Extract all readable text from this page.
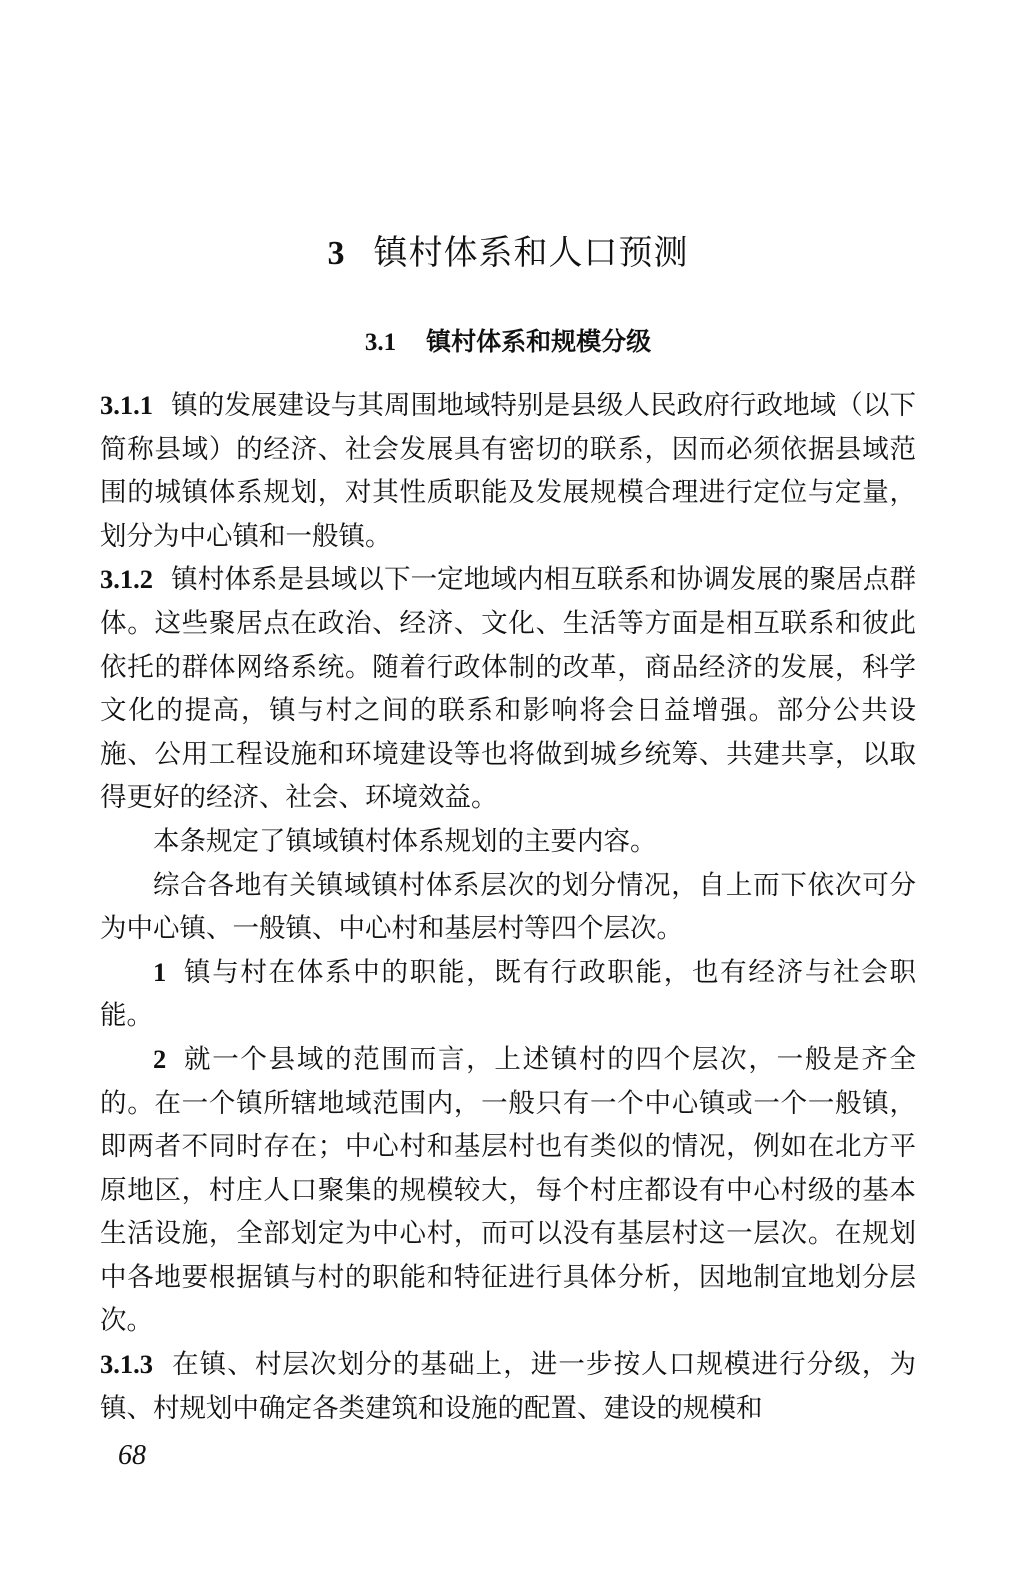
3 镇村体系和人口预测
3.1 镇村体系和规模分级

3.1.1 镇的发展建设与其周围地域特别是县级人民政府行政地域（以下简称县域）的经济、社会发展具有密切的联系，因而必须依据县域范围的城镇体系规划，对其性质职能及发展规模合理进行定位与定量，划分为中心镇和一般镇。

3.1.2 镇村体系是县域以下一定地域内相互联系和协调发展的聚居点群体。这些聚居点在政治、经济、文化、生活等方面是相互联系和彼此依托的群体网络系统。随着行政体制的改革，商品经济的发展，科学文化的提高，镇与村之间的联系和影响将会日益增强。部分公共设施、公用工程设施和环境建设等也将做到城乡统筹、共建共享，以取得更好的经济、社会、环境效益。

本条规定了镇域镇村体系规划的主要内容。

综合各地有关镇域镇村体系层次的划分情况，自上而下依次可分为中心镇、一般镇、中心村和基层村等四个层次。

1 镇与村在体系中的职能，既有行政职能，也有经济与社会职能。

2 就一个县域的范围而言，上述镇村的四个层次，一般是齐全的。在一个镇所辖地域范围内，一般只有一个中心镇或一个一般镇，即两者不同时存在；中心村和基层村也有类似的情况，例如在北方平原地区，村庄人口聚集的规模较大，每个村庄都设有中心村级的基本生活设施，全部划定为中心村，而可以没有基层村这一层次。在规划中各地要根据镇与村的职能和特征进行具体分析，因地制宜地划分层次。

3.1.3 在镇、村层次划分的基础上，进一步按人口规模进行分级，为镇、村规划中确定各类建筑和设施的配置、建设的规模和

68
